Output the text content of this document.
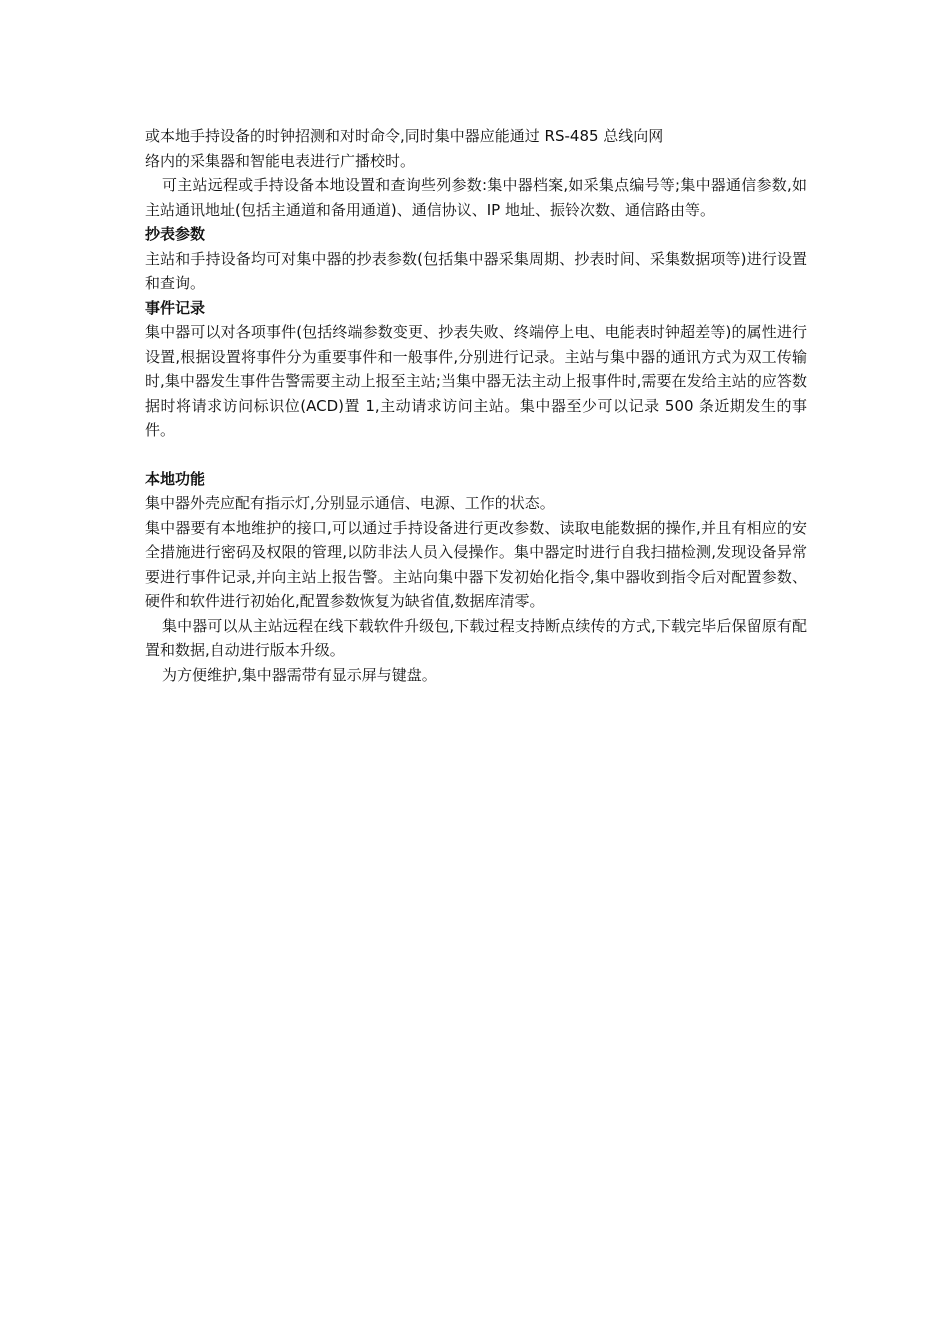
或本地手持设备的时钟招测和对时命令,同时集中器应能通过 RS-485 总线向网

络内的采集器和智能电表进行广播校时。

可主站远程或手持设备本地设置和查询些列参数:集中器档案,如采集点编号等;集中器通信参数,如主站通讯地址(包括主通道和备用通道)、通信协议、IP 地址、振铃次数、通信路由等。

抄表参数

主站和手持设备均可对集中器的抄表参数(包括集中器采集周期、抄表时间、采集数据项等)进行设置和查询。

事件记录

集中器可以对各项事件(包括终端参数变更、抄表失败、终端停上电、电能表时钟超差等)的属性进行设置,根据设置将事件分为重要事件和一般事件,分别进行记录。主站与集中器的通讯方式为双工传输时,集中器发生事件告警需要主动上报至主站;当集中器无法主动上报事件时,需要在发给主站的应答数据时将请求访问标识位(ACD)置 1,主动请求访问主站。集中器至少可以记录 500 条近期发生的事件。

本地功能

集中器外壳应配有指示灯,分别显示通信、电源、工作的状态。

集中器要有本地维护的接口,可以通过手持设备进行更改参数、读取电能数据的操作,并且有相应的安全措施进行密码及权限的管理,以防非法人员入侵操作。集中器定时进行自我扫描检测,发现设备异常要进行事件记录,并向主站上报告警。主站向集中器下发初始化指令,集中器收到指令后对配置参数、硬件和软件进行初始化,配置参数恢复为缺省值,数据库清零。

集中器可以从主站远程在线下载软件升级包,下载过程支持断点续传的方式,下载完毕后保留原有配置和数据,自动进行版本升级。

为方便维护,集中器需带有显示屏与键盘。
